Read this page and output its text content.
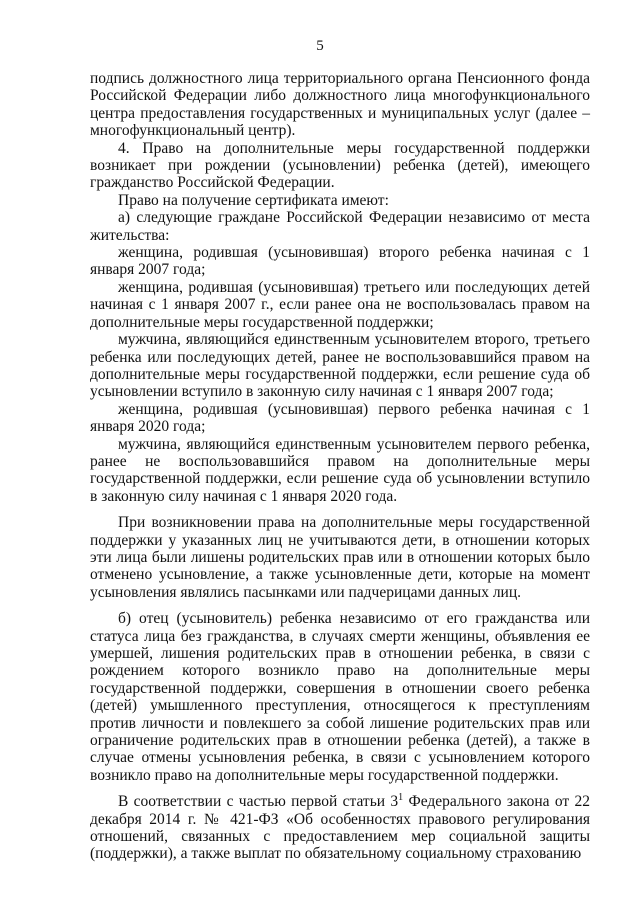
5

подпись должностного лица территориального органа Пенсионного фонда Российской Федерации либо должностного лица многофункционального центра предоставления государственных и муниципальных услуг (далее – многофункциональный центр).

4. Право на дополнительные меры государственной поддержки возникает при рождении (усыновлении) ребенка (детей), имеющего гражданство Российской Федерации.

Право на получение сертификата имеют:

а) следующие граждане Российской Федерации независимо от места жительства:

женщина, родившая (усыновившая) второго ребенка начиная с 1 января 2007 года;

женщина, родившая (усыновившая) третьего или последующих детей начиная с 1 января 2007 г., если ранее она не воспользовалась правом на дополнительные меры государственной поддержки;

мужчина, являющийся единственным усыновителем второго, третьего ребенка или последующих детей, ранее не воспользовавшийся правом на дополнительные меры государственной поддержки, если решение суда об усыновлении вступило в законную силу начиная с 1 января 2007 года;

женщина, родившая (усыновившая) первого ребенка начиная с 1 января 2020 года;

мужчина, являющийся единственным усыновителем первого ребенка, ранее не воспользовавшийся правом на дополнительные меры государственной поддержки, если решение суда об усыновлении вступило в законную силу начиная с 1 января 2020 года.

При возникновении права на дополнительные меры государственной поддержки у указанных лиц не учитываются дети, в отношении которых эти лица были лишены родительских прав или в отношении которых было отменено усыновление, а также усыновленные дети, которые на момент усыновления являлись пасынками или падчерицами данных лиц.

б) отец (усыновитель) ребенка независимо от его гражданства или статуса лица без гражданства, в случаях смерти женщины, объявления ее умершей, лишения родительских прав в отношении ребенка, в связи с рождением которого возникло право на дополнительные меры государственной поддержки, совершения в отношении своего ребенка (детей) умышленного преступления, относящегося к преступлениям против личности и повлекшего за собой лишение родительских прав или ограничение родительских прав в отношении ребенка (детей), а также в случае отмены усыновления ребенка, в связи с усыновлением которого возникло право на дополнительные меры государственной поддержки.

В соответствии с частью первой статьи $3^1$ Федерального закона от 22 декабря 2014 г. № 421-ФЗ «Об особенностях правового регулирования отношений, связанных с предоставлением мер социальной защиты (поддержки), а также выплат по обязательному социальному страхованию
